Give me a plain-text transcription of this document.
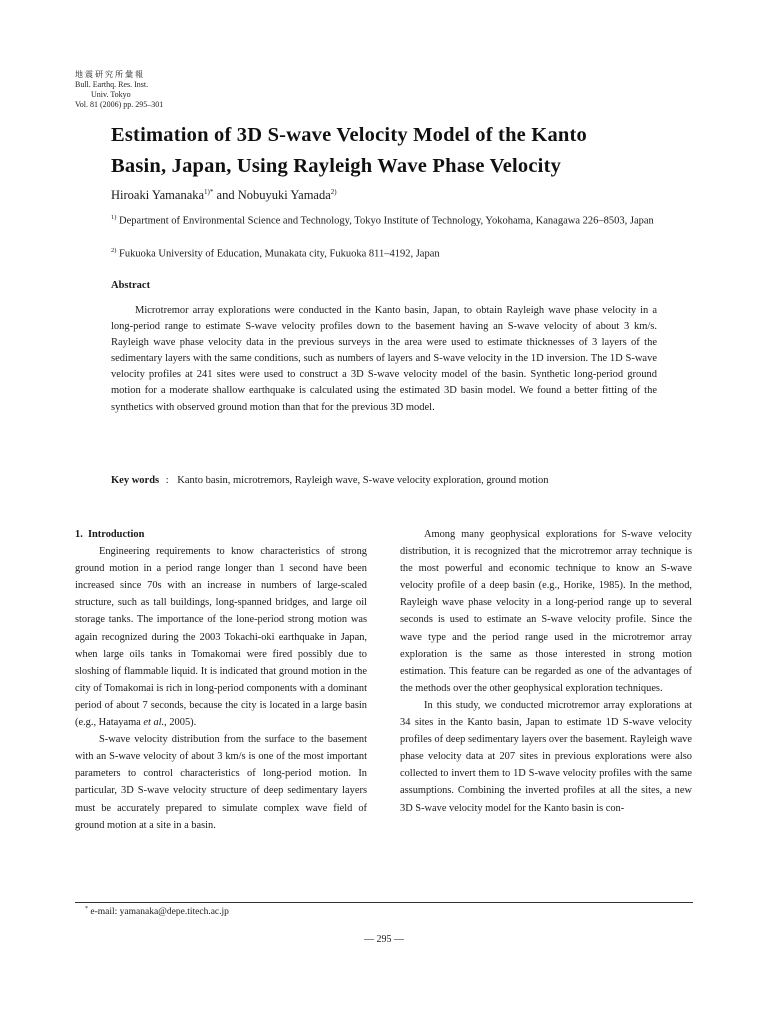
地 震 研 究 所 彙 報
Bull. Earthq. Res. Inst.
Univ. Tokyo
Vol. 81 (2006) pp. 295–301
Estimation of 3D S-wave Velocity Model of the Kanto
Basin, Japan, Using Rayleigh Wave Phase Velocity
Hiroaki Yamanaka$^{1)*}$ and Nobuyuki Yamada$^{2)}$
$^{1)}$ Department of Environmental Science and Technology, Tokyo Institute of Technology, Yokohama, Kanagawa 226–8503, Japan
$^{2)}$ Fukuoka University of Education, Munakata city, Fukuoka 811–4192, Japan
Abstract
Microtremor array explorations were conducted in the Kanto basin, Japan, to obtain Rayleigh wave phase velocity in a long-period range to estimate S-wave velocity profiles down to the basement having an S-wave velocity of about 3 km/s. Rayleigh wave phase velocity data in the previous surveys in the area were used to estimate thicknesses of 3 layers of the sedimentary layers with the same conditions, such as numbers of layers and S-wave velocity in the 1D inversion. The 1D S-wave velocity profiles at 241 sites were used to construct a 3D S-wave velocity model of the basin. Synthetic long-period ground motion for a moderate shallow earthquake is calculated using the estimated 3D basin model. We found a better fitting of the synthetics with observed ground motion than that for the previous 3D model.
Key words : Kanto basin, microtremors, Rayleigh wave, S-wave velocity exploration, ground motion

1.  Introduction

Engineering requirements to know characteristics of strong ground motion in a period range longer than 1 second have been increased since 70s with an increase in numbers of large-scaled structure, such as tall buildings, long-spanned bridges, and large oil storage tanks. The importance of the lone-period strong motion was again recognized during the 2003 Tokachi-oki earthquake in Japan, when large oils tanks in Tomakomai were fired possibly due to sloshing of flammable liquid. It is indicated that ground motion in the city of Tomakomai is rich in long-period components with a dominant period of about 7 seconds, because the city is located in a large basin (e.g., Hatayama et al., 2005).

S-wave velocity distribution from the surface to the basement with an S-wave velocity of about 3 km/s is one of the most important parameters to control characteristics of long-period motion. In particular, 3D S-wave velocity structure of deep sedimentary layers must be accurately prepared to simulate complex wave field of ground motion at a site in a basin.

Among many geophysical explorations for S-wave velocity distribution, it is recognized that the microtremor array technique is the most powerful and economic technique to know an S-wave velocity profile of a deep basin (e.g., Horike, 1985). In the method, Rayleigh wave phase velocity in a long-period range up to several seconds is used to estimate an S-wave velocity profile. Since the wave type and the period range used in the microtremor array exploration is the same as those interested in strong motion estimation. This feature can be regarded as one of the advantages of the methods over the other geophysical exploration techniques.

In this study, we conducted microtremor array explorations at 34 sites in the Kanto basin, Japan to estimate 1D S-wave velocity profiles of deep sedimentary layers over the basement. Rayleigh wave phase velocity data at 207 sites in previous explorations were also collected to invert them to 1D S-wave velocity profiles with the same assumptions. Combining the inverted profiles at all the sites, a new 3D S-wave velocity model for the Kanto basin is con-

* e-mail: yamanaka@depe.titech.ac.jp
— 295 —
